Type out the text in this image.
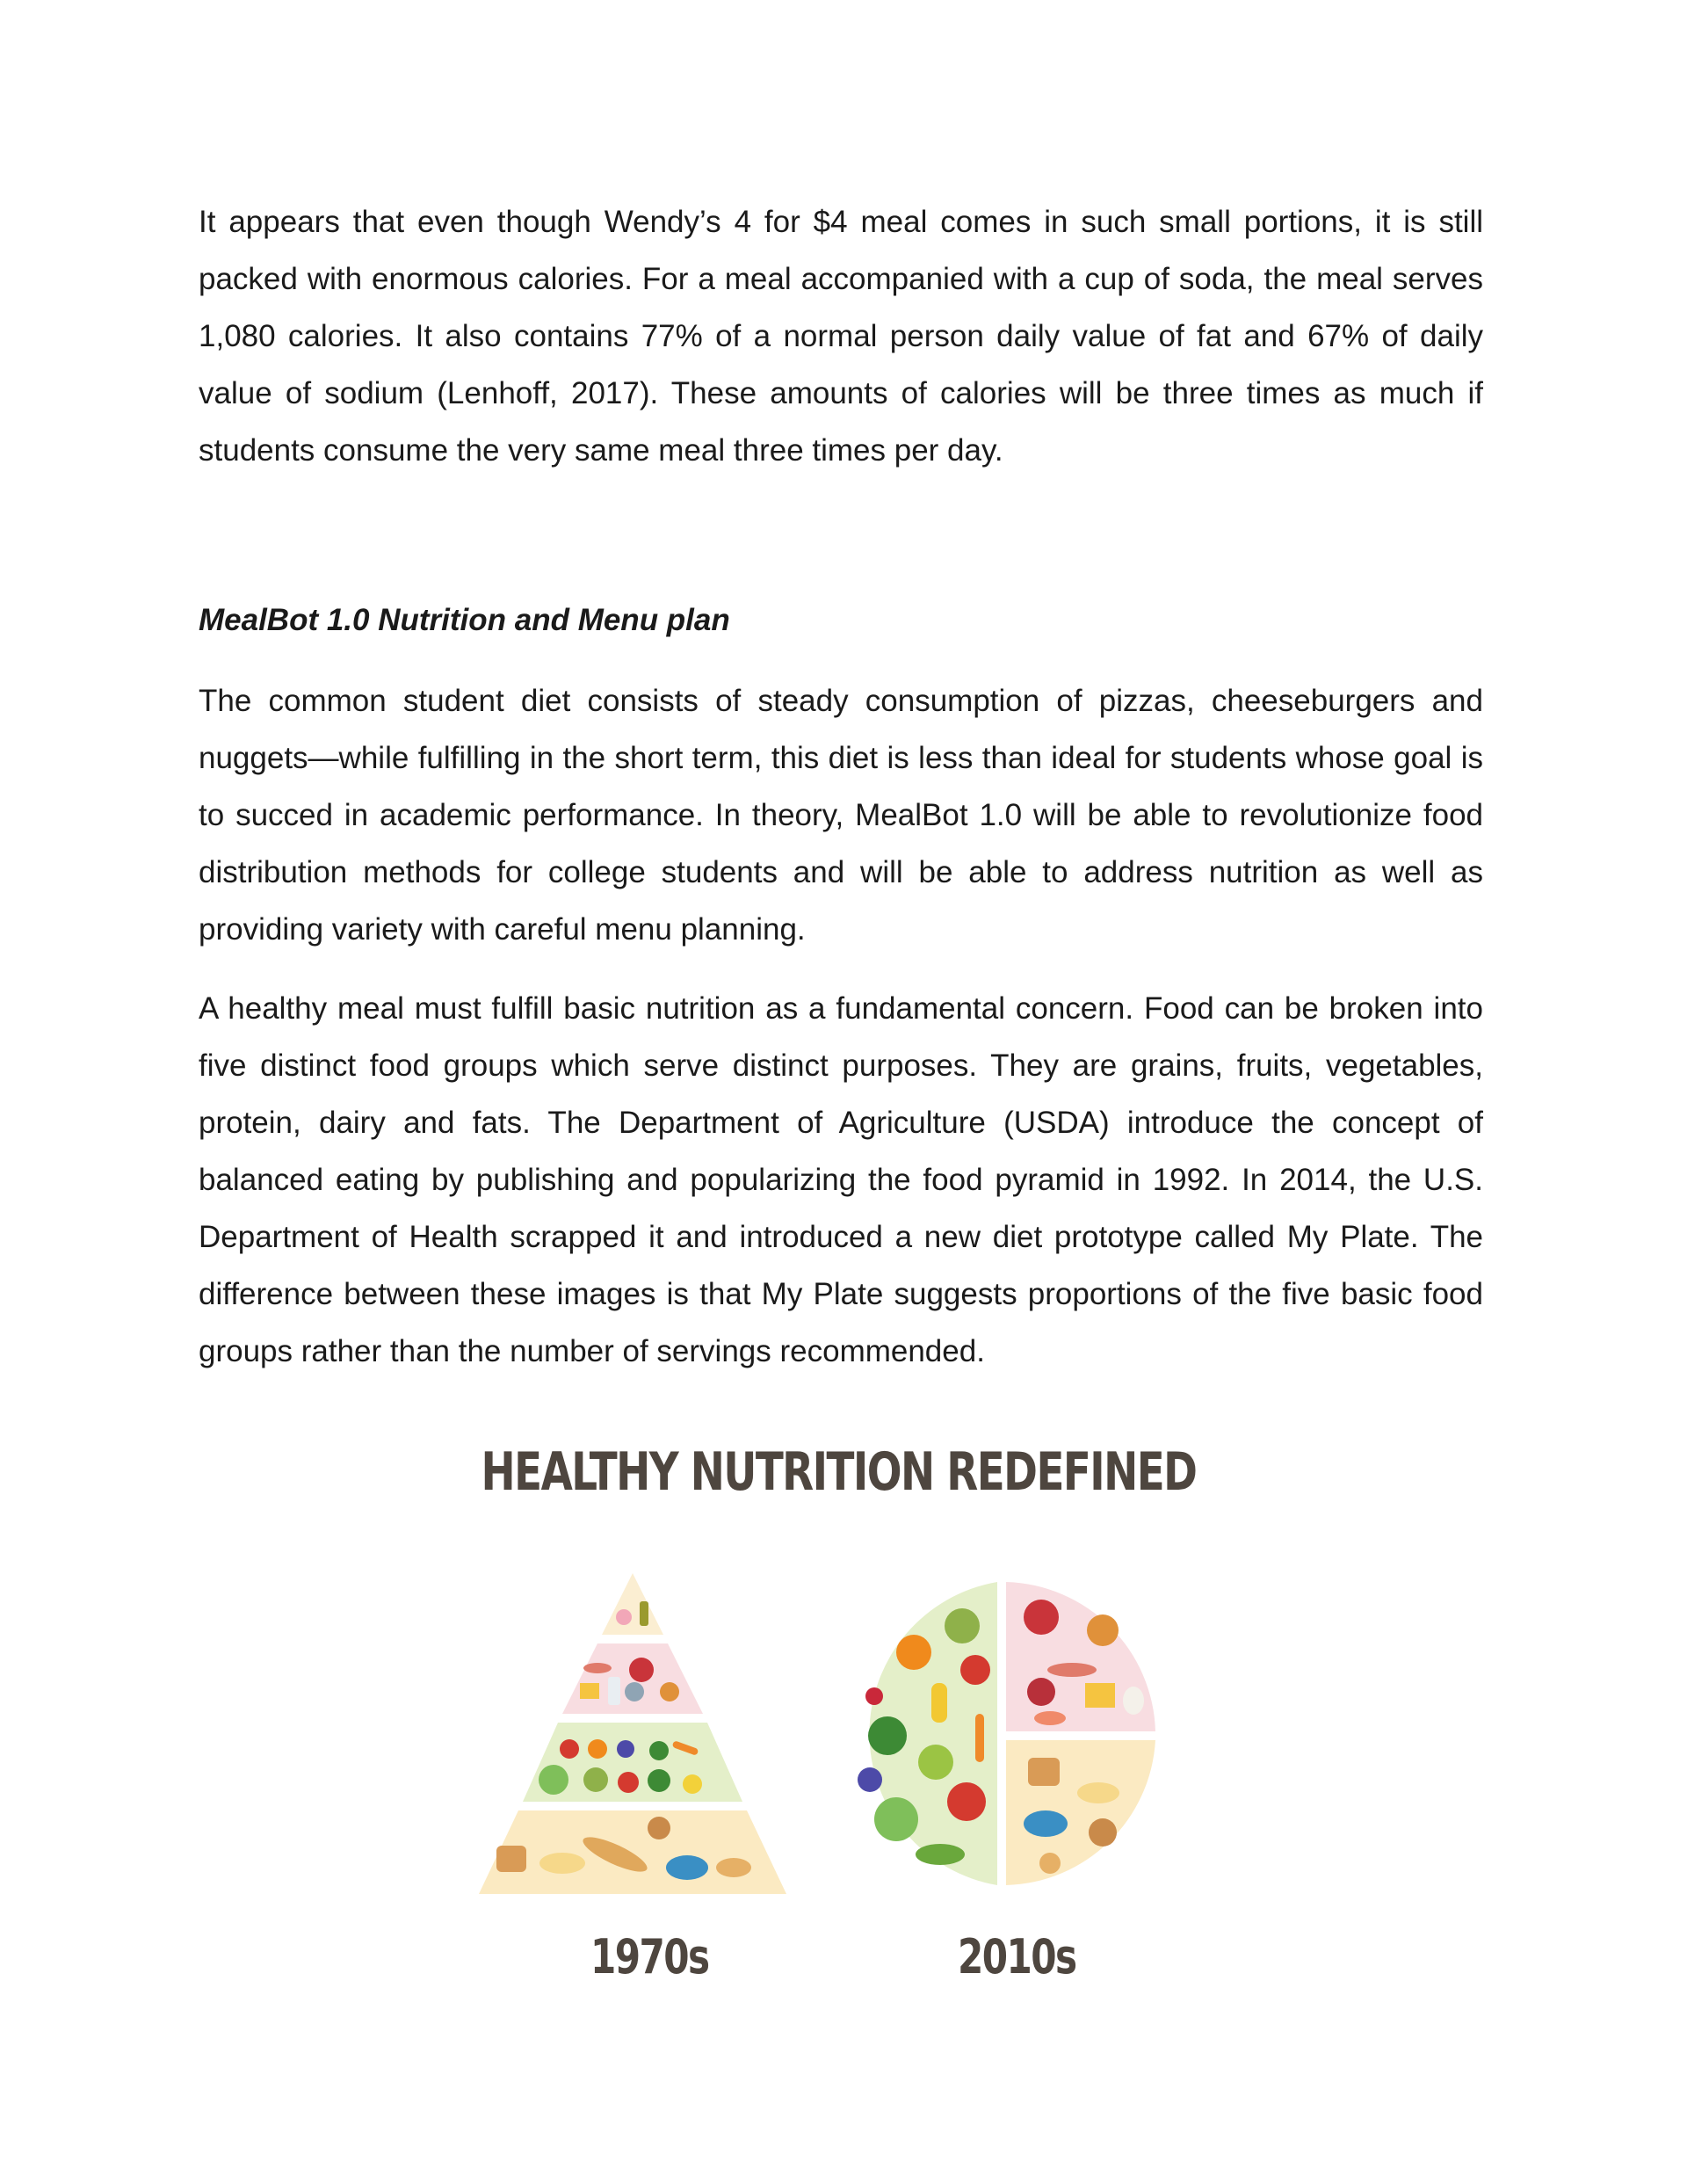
It appears that even though Wendy’s 4 for $4 meal comes in such small portions, it is still packed with enormous calories. For a meal accompanied with a cup of soda, the meal serves 1,080 calories. It also contains 77% of a normal person daily value of fat and 67% of daily value of sodium (Lenhoff, 2017). These amounts of calories will be three times as much if students consume the very same meal three times per day.

MealBot 1.0 Nutrition and Menu plan

The common student diet consists of steady consumption of pizzas, cheeseburgers and nuggets—while fulfilling in the short term, this diet is less than ideal for students whose goal is to succed in academic performance. In theory, MealBot 1.0 will be able to revolutionize food distribution methods for college students and will be able to address nutrition as well as providing variety with careful menu planning.

A healthy meal must fulfill basic nutrition as a fundamental concern. Food can be broken into five distinct food groups which serve distinct purposes. They are grains, fruits, vegetables, protein, dairy and fats. The Department of Agriculture (USDA) introduce the concept of balanced eating by publishing and popularizing the food pyramid in 1992. In 2014, the U.S. Department of Health scrapped it and introduced a new diet prototype called My Plate. The difference between these images is that My Plate suggests proportions of the five basic food groups rather than the number of servings recommended.

HEALTHY NUTRITION REDEFINED
1970s	2010s
